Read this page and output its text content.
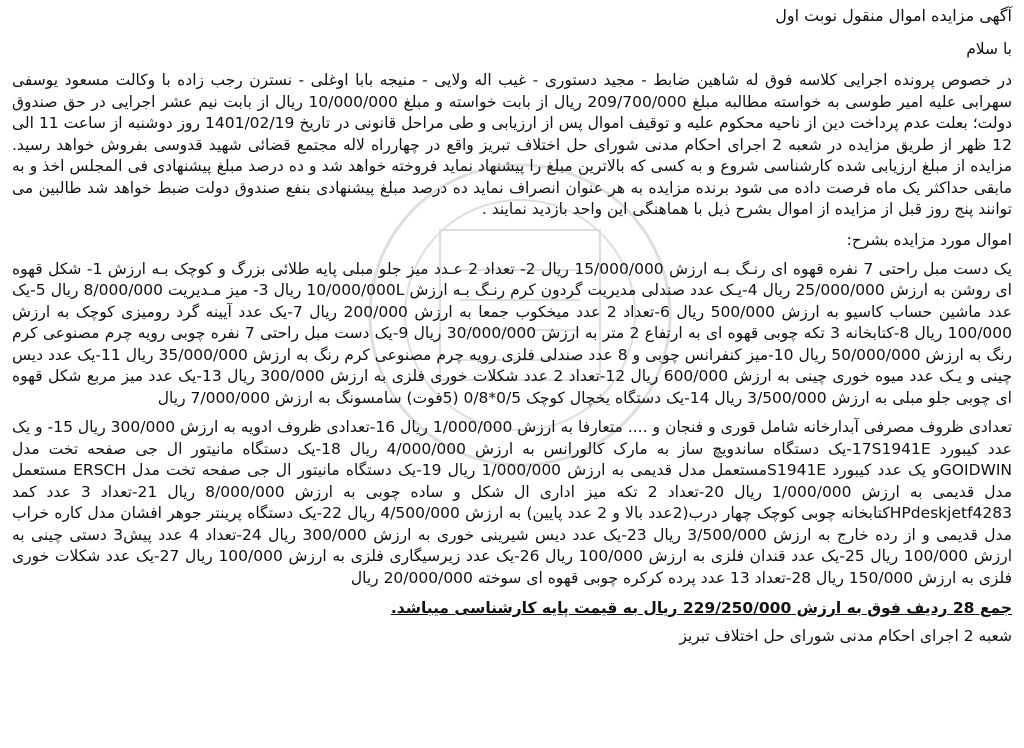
آگهی مزایده اموال منقول نوبت اول
با سلام
در خصوص پرونده اجرایی کلاسه فوق له شاهین ضابط - مجید دستوری - غیب اله ولایی - منیجه بابا اوغلی - نسترن رجب زاده با وکالت مسعود یوسفی سهرابی علیه امیر طوسی به خواسته مطالبه مبلغ 209/700/000 ریال از بابت خواسته و مبلغ 10/000/000 ریال از بابت نیم عشر اجرایی در حق صندوق دولت؛ بعلت عدم پرداخت دین از ناحیه محکوم علیه و توقیف اموال پس از ارزیابی و طی مراحل قانونی در تاریخ 1401/02/19 روز دوشنبه از ساعت 11 الی 12 ظهر از طریق مزایده در شعبه 2 اجرای احکام مدنی شورای حل اختلاف تبریز واقع در چهارراه لاله مجتمع قضائی شهید قدوسی بفروش خواهد رسید. مزایده از مبلغ ارزیابی شده کارشناسی شروع و به کسی که بالاترین مبلغ را پیشنهاد نماید فروخته خواهد شد و ده درصد مبلغ پیشنهادی فی المجلس اخذ و به مابقی حداکثر یک ماه فرصت داده می شود برنده مزایده به هر عنوان انصراف نماید ده درصد مبلغ پیشنهادی بنفع صندوق دولت ضبط خواهد شد طالبین می توانند پنج روز قبل از مزایده از اموال بشرح ذیل با هماهنگی این واحد بازدید نمایند .
اموال مورد مزایده بشرح:
یک دست مبل راحتی 7 نفره قهوه ای رنـگ بـه ارزش 15/000/000 ریال 2- تعداد 2 عـدد میز جلو مبلی پایه طلائی بزرگ و کوچک بـه ارزش 1- شکل قهوه ای روشن به ارزش 25/000/000 ریال 4-یـک عدد صندلی مدیریت گردون کرم رنـگ بـه ارزش 10/000/000L ریال 3- میز مـدیریت 8/000/000 ریال 5-یک عدد ماشین حساب کاسیو به ارزش 500/000 ریال 6-تعداد 2 عدد میخکوب جمعا به ارزش 200/000 ریال 7-یک عدد آیینه گرد رومیزی کوچک به ارزش 100/000 ریال 8-کتابخانه 3 تکه چوبی قهوه ای به ارتفاع 2 متر به ارزش 30/000/000 ریال 9-یک دست مبل راحتی 7 نفره چوبی رویه چرم مصنوعی کرم رنگ به ارزش 50/000/000 ریال 10-میز کنفرانس چوبی و 8 عدد صندلی فلزی رویه چرم مصنوعی کرم رنگ به ارزش 35/000/000 ریال 11-یک عدد دیس چینی و یـک عدد میوه خوری چینی به ارزش 600/000 ریال 12-تعداد 2 عدد شکلات خوری فلزی به ارزش 300/000 ریال 13-یک عدد میز مربع شکل قهوه ای چوبی جلو مبلی به ارزش 3/500/000 ریال 14-یک دستگاه یخچال کوچک 0/5*0/8 (5فوت) سامسونگ به ارزش 7/000/000 ریال
تعدادی ظروف مصرفی آبدارخانه شامل قوری و فنجان و .... متعارفا به ارزش 1/000/000 ریال 16-تعدادی ظروف ادویه به ارزش 300/000 ریال 15- و یک عدد کیبورد 17S1941E-یک دستگاه ساندویچ ساز به مارک کالورانس به ارزش 4/000/000 ریال 18-یک دستگاه مانیتور ال جی صفحه تخت مدل GOIDWINو یک عدد کیبورد S1941Eمستعمل مدل قدیمی به ارزش 1/000/000 ریال 19-یک دستگاه مانیتور ال جی صفحه تخت مدل ERSCH مستعمل مدل قدیمی به ارزش 1/000/000 ریال 20-تعداد 2 تکه میز اداری ال شکل و ساده چوبی به ارزش 8/000/000 ریال 21-تعداد 3 عدد کمد HPdeskjetf4283کتابخانه چوبی کوچک چهار درب(2عدد بالا و 2 عدد پایین) به ارزش 4/500/000 ریال 22-یک دستگاه پرینتر جوهر افشان مدل کاره خراب مدل قدیمی و از رده خارج به ارزش 3/500/000 ریال 23-یک عدد دیس شیرینی خوری به ارزش 300/000 ریال 24-تعداد 4 عدد پیش3 دستی چینی به ارزش 100/000 ریال 25-یک عدد قندان فلزی به ارزش 100/000 ریال 26-یک عدد زیرسیگاری فلزی به ارزش 100/000 ریال 27-یک عدد شکلات خوری فلزی به ارزش 150/000 ریال 28-تعداد 13 عدد پرده کرکره چوبی قهوه ای سوخته 20/000/000 ریال
جمع 28 ردیف فوق به ارزش 229/250/000 ریال به قیمت پایه کارشناسی میباشد.
شعبه 2 اجرای احکام مدنی شورای حل اختلاف تبریز
